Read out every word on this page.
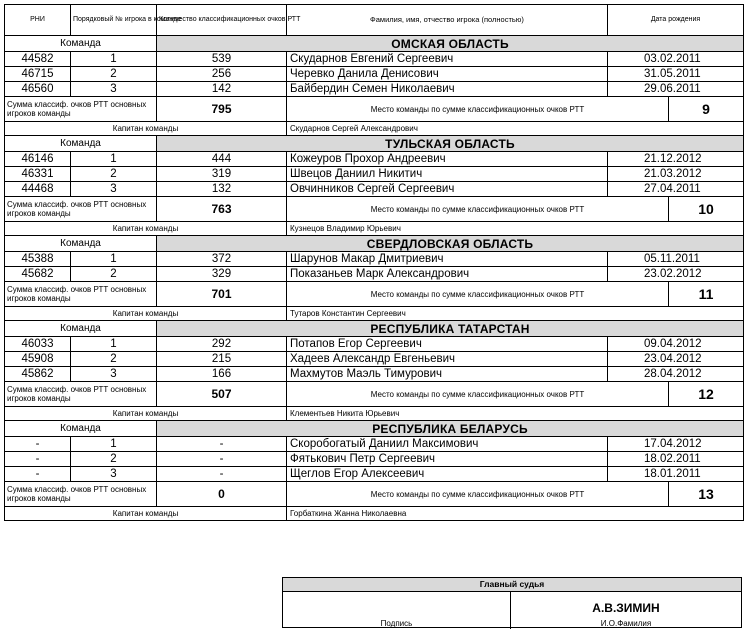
РНИ	Порядковый № игрока в команде	Количество классификационных очков РТТ	Фамилия, имя, отчество игрока (полностью)	Дата рождения	
Команда		ОМСКАЯ ОБЛАСТЬ			
44582	1	539	Скударнов Евгений Сергеевич	03.02.2011	
46715	2	256	Черевко Данила Денисович	31.05.2011	
46560	3	142	Байбердин Семен Николаевич	29.06.2011	
Сумма классиф. очков РТТ основных игроков команды		795	Место команды по сумме классификационных очков РТТ		9
Капитан команды			Скударнов Сергей Александрович		
Команда		ТУЛЬСКАЯ ОБЛАСТЬ			
46146	1	444	Кожеуров Прохор Андреевич	21.12.2012	
46331	2	319	Швецов Даниил Никитич	21.03.2012	
44468	3	132	Овчинников Сергей Сергеевич	27.04.2011	
Сумма классиф. очков РТТ основных игроков команды		763	Место команды по сумме классификационных очков РТТ		10
Капитан команды			Кузнецов Владимир Юрьевич		
Команда		СВЕРДЛОВСКАЯ ОБЛАСТЬ			
45388	1	372	Шарунов Макар Дмитриевич	05.11.2011	
45682	2	329	Показаньев Марк Александрович	23.02.2012	
Сумма классиф. очков РТТ основных игроков команды		701	Место команды по сумме классификационных очков РТТ		11
Капитан команды			Тутаров Константин Сергеевич		
Команда		РЕСПУБЛИКА ТАТАРСТАН			
46033	1	292	Потапов Егор Сергеевич	09.04.2012	
45908	2	215	Хадеев Александр Евгеньевич	23.04.2012	
45862	3	166	Махмутов Маэль Тимурович	28.04.2012	
Сумма классиф. очков РТТ основных игроков команды		507	Место команды по сумме классификационных очков РТТ		12
Капитан команды			Клементьев Никита Юрьевич		
Команда		РЕСПУБЛИКА БЕЛАРУСЬ			
-	1	-	Скоробогатый Даниил Максимович	17.04.2012	
-	2	-	Фятькович Петр Сергеевич	18.02.2011	
-	3	-	Щеглов Егор Алексеевич	18.01.2011	
Сумма классиф. очков РТТ основных игроков команды		0	Место команды по сумме классификационных очков РТТ		13
Капитан команды			Горбаткина Жанна Николаевна		
Главный судья
Подпись
А.В.ЗИМИН
И.О.Фамилия
